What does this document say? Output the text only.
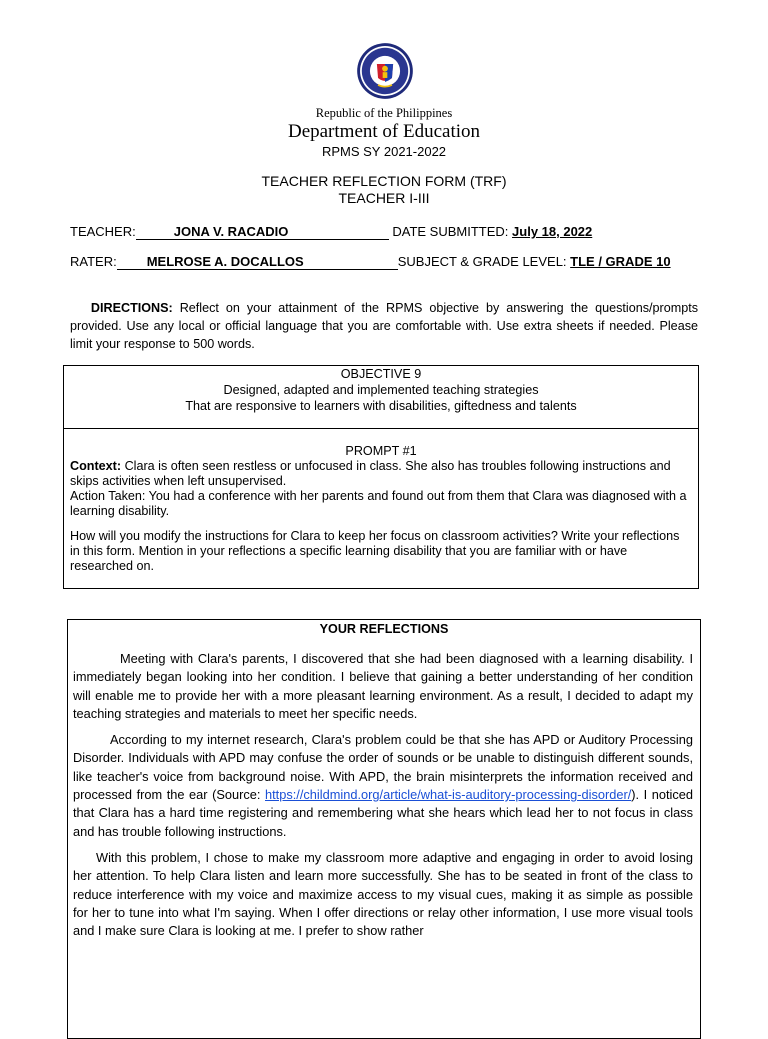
Republic of the Philippines
Department of Education
RPMS SY 2021-2022
TEACHER REFLECTION FORM (TRF)
TEACHER I-III
TEACHER:	JONA V. RACADIO	DATE SUBMITTED: July 18, 2022
RATER: MELROSE A. DOCALLOS	SUBJECT & GRADE LEVEL: TLE / GRADE 10
DIRECTIONS: Reflect on your attainment of the RPMS objective by answering the questions/prompts provided. Use any local or official language that you are comfortable with. Use extra sheets if needed. Please limit your response to 500 words.
OBJECTIVE 9
Designed, adapted and implemented teaching strategies
That are responsive to learners with disabilities, giftedness and talents
PROMPT #1
Context: Clara is often seen restless or unfocused in class. She also has troubles following instructions and skips activities when left unsupervised.
Action Taken: You had a conference with her parents and found out from them that Clara was diagnosed with a learning disability.
How will you modify the instructions for Clara to keep her focus on classroom activities? Write your reflections in this form. Mention in your reflections a specific learning disability that you are familiar with or have researched on.
YOUR REFLECTIONS

Meeting with Clara's parents, I discovered that she had been diagnosed with a learning disability. I immediately began looking into her condition. I believe that gaining a better understanding of her condition will enable me to provide her with a more pleasant learning environment. As a result, I decided to adapt my teaching strategies and materials to meet her specific needs.

According to my internet research, Clara's problem could be that she has APD or Auditory Processing Disorder. Individuals with APD may confuse the order of sounds or be unable to distinguish different sounds, like teacher's voice from background noise. With APD, the brain misinterprets the information received and processed from the ear (Source: https://childmind.org/article/what-is-auditory-processing-disorder/). I noticed that Clara has a hard time registering and remembering what she hears which lead her to not focus in class and has trouble following instructions.

With this problem, I chose to make my classroom more adaptive and engaging in order to avoid losing her attention. To help Clara listen and learn more successfully. She has to be seated in front of the class to reduce interference with my voice and maximize access to my visual cues, making it as simple as possible for her to tune into what I'm saying. When I offer directions or relay other information, I use more visual tools and I make sure Clara is looking at me. I prefer to show rather
